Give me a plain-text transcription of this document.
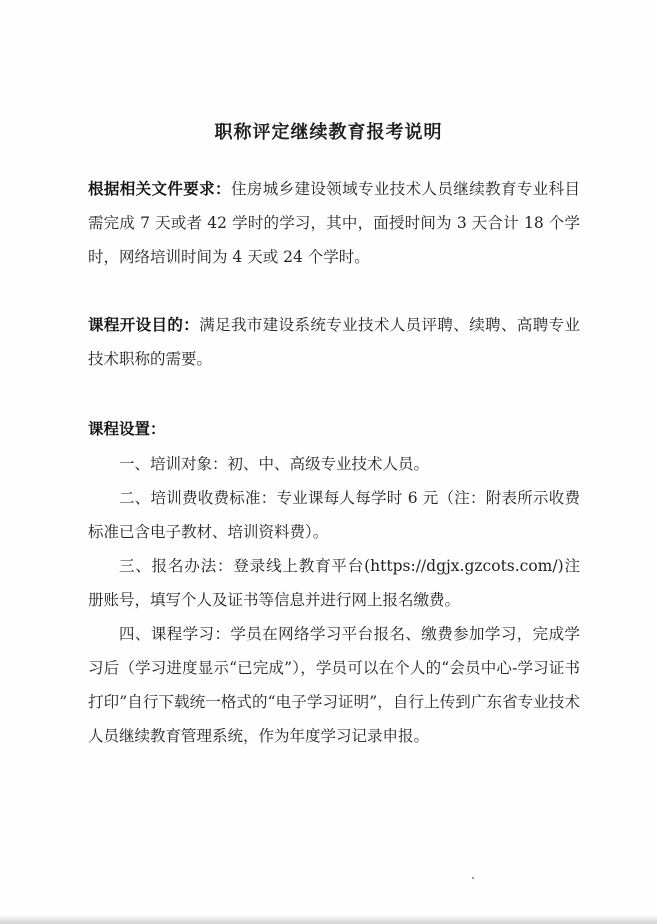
职称评定继续教育报考说明
根据相关文件要求：住房城乡建设领域专业技术人员继续教育专业科目需完成 7 天或者 42 学时的学习，其中，面授时间为 3 天合计 18 个学时，网络培训时间为 4 天或 24 个学时。
课程开设目的：满足我市建设系统专业技术人员评聘、续聘、高聘专业技术职称的需要。
课程设置：
一、培训对象：初、中、高级专业技术人员。
二、培训费收费标准：专业课每人每学时 6 元（注：附表所示收费标准已含电子教材、培训资料费）。
三、报名办法：登录线上教育平台(https://dgjx.gzcots.com/)注册账号，填写个人及证书等信息并进行网上报名缴费。
四、课程学习：学员在网络学习平台报名、缴费参加学习，完成学习后（学习进度显示“已完成”），学员可以在个人的“会员中心-学习证书打印”自行下载统一格式的“电子学习证明”，自行上传到广东省专业技术人员继续教育管理系统，作为年度学习记录申报。
